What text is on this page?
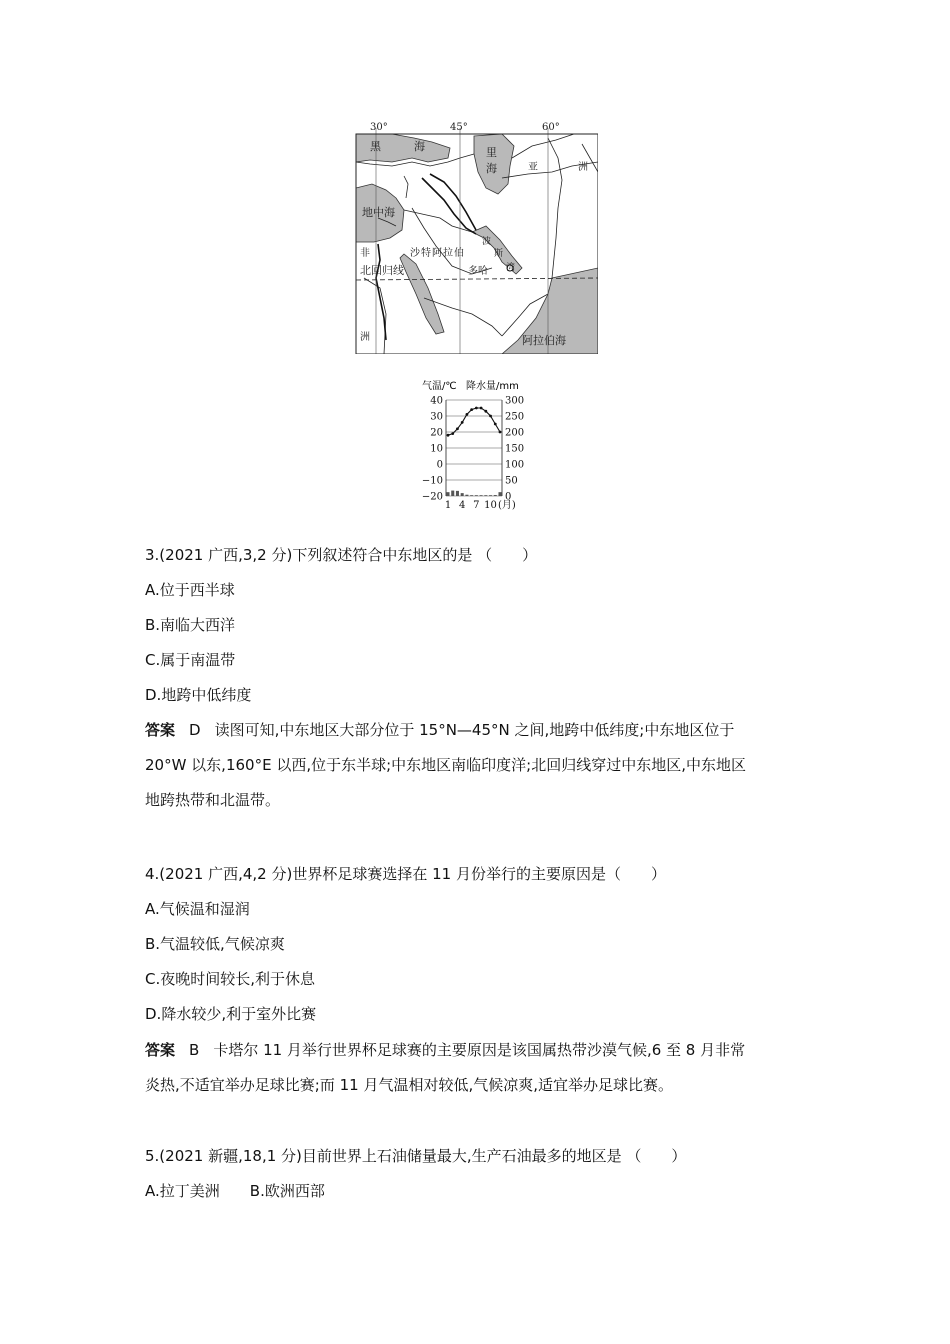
30°	45°	60°
黑	海	里
海	亚	洲
地中海
非	沙特阿拉伯
波
斯
湾
多哈
北回归线
洲	阿拉伯海
气温/℃ 降水量/mm
40	300
30	250
20	200
10	150
0	100
−10	50
−20	0
1 4 7 10 (月)
3.(2021 广西,3,2 分)下列叙述符合中东地区的是 （　　）
A.位于西半球
B.南临大西洋
C.属于南温带
D.地跨中低纬度
答案 D 读图可知,中东地区大部分位于 15°N—45°N 之间,地跨中低纬度;中东地区位于
20°W 以东,160°E 以西,位于东半球;中东地区南临印度洋;北回归线穿过中东地区,中东地区
地跨热带和北温带。
4.(2021 广西,4,2 分)世界杯足球赛选择在 11 月份举行的主要原因是（　　）
A.气候温和湿润
B.气温较低,气候凉爽
C.夜晚时间较长,利于休息
D.降水较少,利于室外比赛
答案 B 卡塔尔 11 月举行世界杯足球赛的主要原因是该国属热带沙漠气候,6 至 8 月非常
炎热,不适宜举办足球比赛;而 11 月气温相对较低,气候凉爽,适宜举办足球比赛。
5.(2021 新疆,18,1 分)目前世界上石油储量最大,生产石油最多的地区是 （　　）
A.拉丁美洲 B.欧洲西部
